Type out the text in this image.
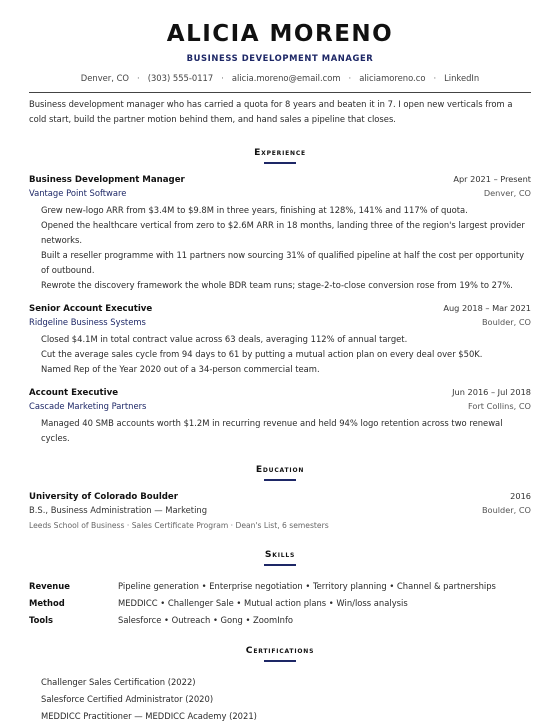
ALICIA MORENO
BUSINESS DEVELOPMENT MANAGER
Denver, CO · (303) 555-0117 · alicia.moreno@email.com · aliciamoreno.co · LinkedIn
Business development manager who has carried a quota for 8 years and beaten it in 7. I open new verticals from a cold start, build the partner motion behind them, and hand sales a pipeline that closes.
Experience
Business Development Manager	Apr 2021 – Present
Vantage Point Software	Denver, CO
Grew new-logo ARR from $3.4M to $9.8M in three years, finishing at 128%, 141% and 117% of quota.
Opened the healthcare vertical from zero to $2.6M ARR in 18 months, landing three of the region's largest provider networks.
Built a reseller programme with 11 partners now sourcing 31% of qualified pipeline at half the cost per opportunity of outbound.
Rewrote the discovery framework the whole BDR team runs; stage-2-to-close conversion rose from 19% to 27%.
Senior Account Executive	Aug 2018 – Mar 2021
Ridgeline Business Systems	Boulder, CO
Closed $4.1M in total contract value across 63 deals, averaging 112% of annual target.
Cut the average sales cycle from 94 days to 61 by putting a mutual action plan on every deal over $50K.
Named Rep of the Year 2020 out of a 34-person commercial team.
Account Executive	Jun 2016 – Jul 2018
Cascade Marketing Partners	Fort Collins, CO
Managed 40 SMB accounts worth $1.2M in recurring revenue and held 94% logo retention across two renewal cycles.
Education
University of Colorado Boulder	2016
B.S., Business Administration — Marketing	Boulder, CO
Leeds School of Business · Sales Certificate Program · Dean's List, 6 semesters
Skills
Revenue	Pipeline generation • Enterprise negotiation • Territory planning • Channel & partnerships
Method	MEDDICC • Challenger Sale • Mutual action plans • Win/loss analysis
Tools	Salesforce • Outreach • Gong • ZoomInfo
Certifications
Challenger Sales Certification (2022)
Salesforce Certified Administrator (2020)
MEDDICC Practitioner — MEDDICC Academy (2021)
